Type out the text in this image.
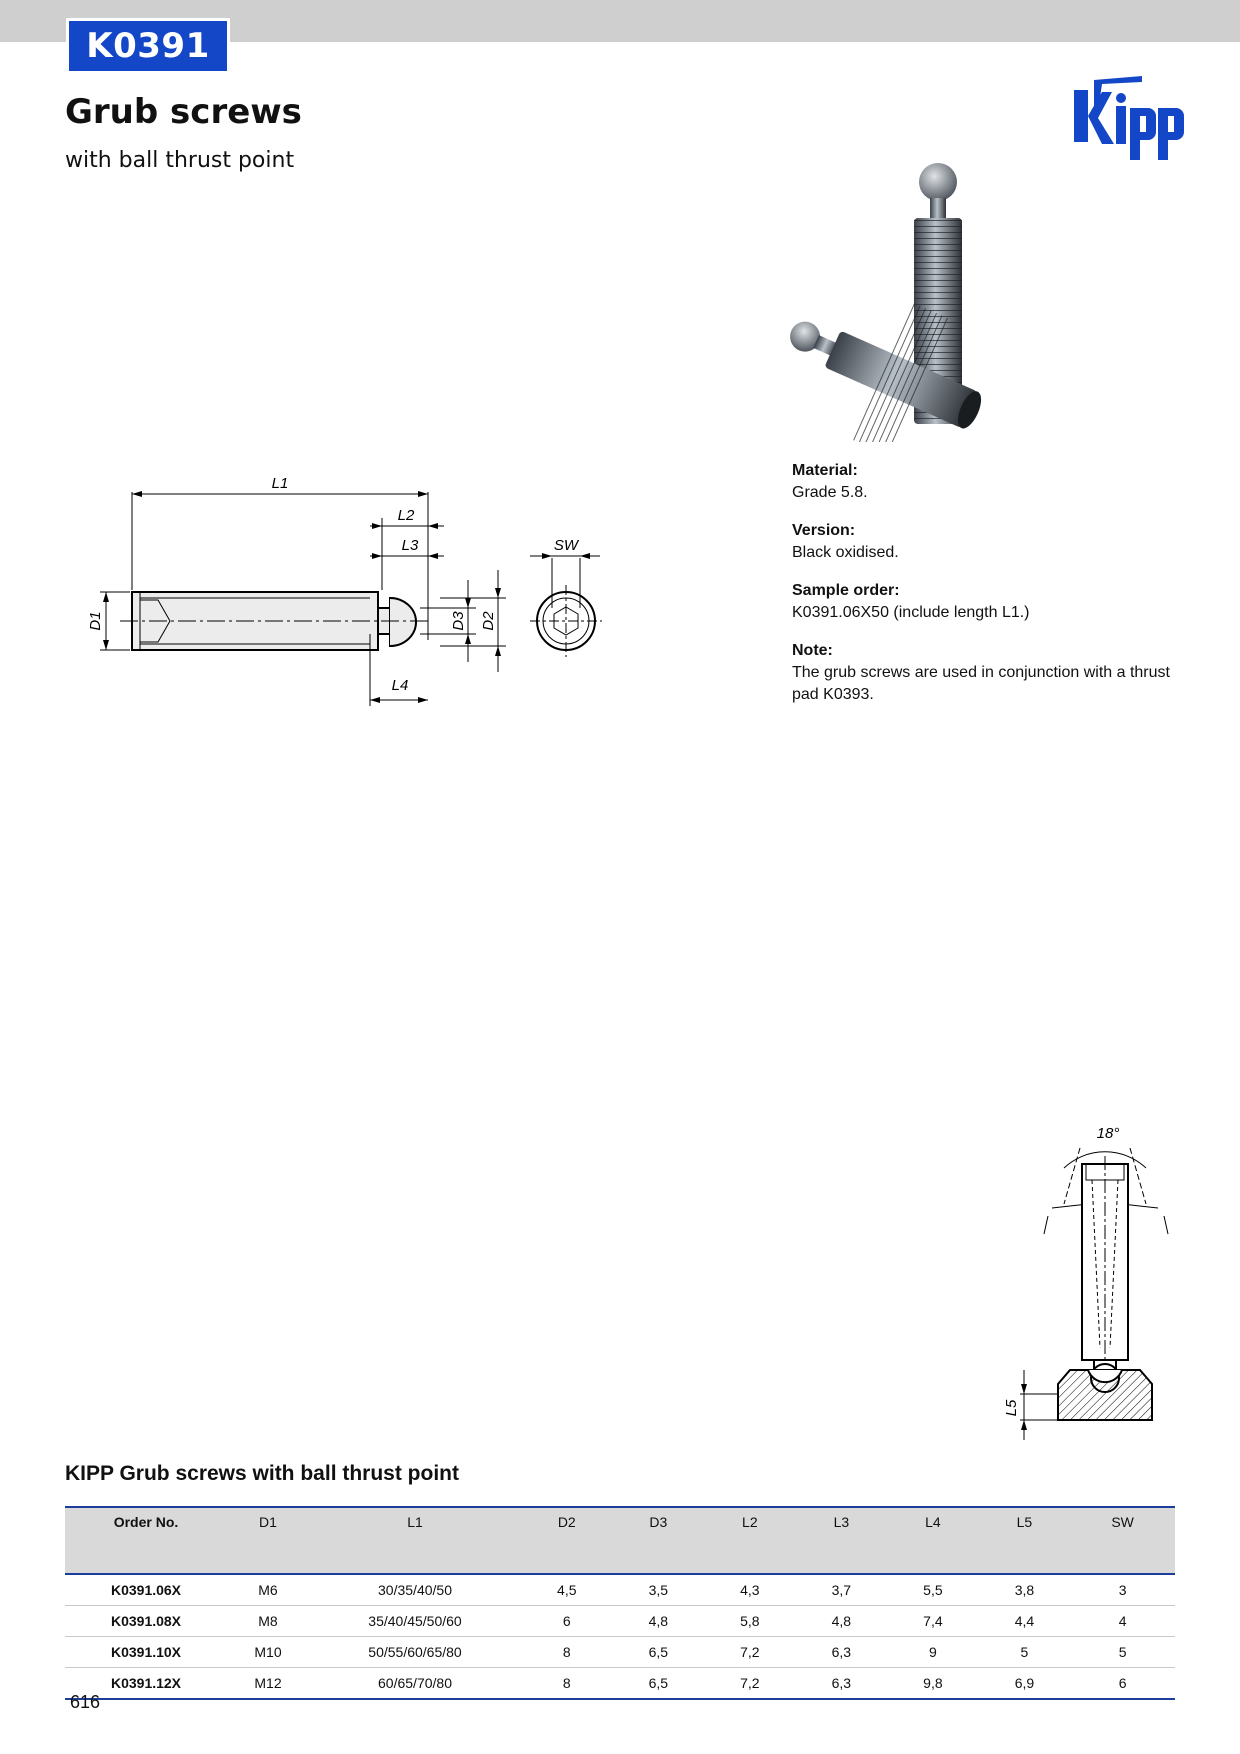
K0391
Grub screws

with ball thrust point

L1
L2
L3
L4
SW
D1	D3 D2
Material:
Grade 5.8.
Version:
Black oxidised.
Sample order:
K0391.06X50 (include length L1.)
Note:
The grub screws are used in conjunction with a thrust pad K0393.
18°
L5
KIPP Grub screws with ball thrust point
Order No.	D1	L1	D2	D3	L2	L3	L4	L5	SW
K0391.06X	M6	30/35/40/50	4,5	3,5	4,3	3,7	5,5	3,8	3
K0391.08X	M8	35/40/45/50/60	6	4,8	5,8	4,8	7,4	4,4	4
K0391.10X	M10	50/55/60/65/80	8	6,5	7,2	6,3	9	5	5
K0391.12X	M12	60/65/70/80	8	6,5	7,2	6,3	9,8	6,9	6
616
